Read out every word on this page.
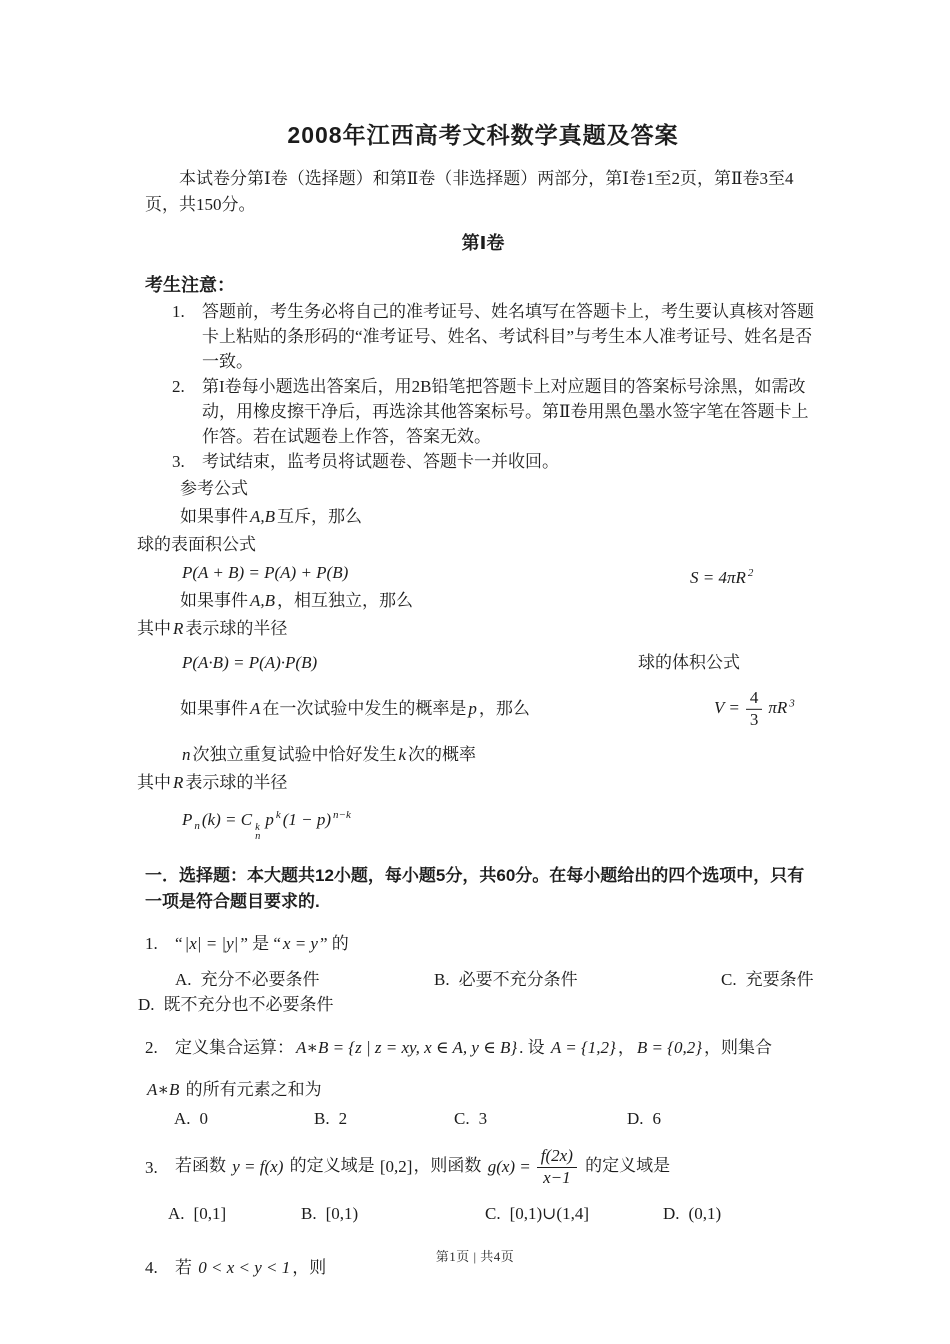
2008年江西高考文科数学真题及答案

本试卷分第Ⅰ卷（选择题）和第Ⅱ卷（非选择题）两部分，第Ⅰ卷1至2页，第Ⅱ卷3至4页，共150分。

第Ⅰ卷
考生注意：
1.	答题前，考生务必将自己的准考证号、姓名填写在答题卡上，考生要认真核对答题卡上粘贴的条形码的“准考证号、姓名、考试科目”与考生本人准考证号、姓名是否一致。
2.	第I卷每小题选出答案后，用2B铅笔把答题卡上对应题目的答案标号涂黑，如需改动，用橡皮擦干净后，再选涂其他答案标号。第Ⅱ卷用黑色墨水签字笔在答题卡上作答。若在试题卷上作答，答案无效。
3.	考试结束，监考员将试题卷、答题卡一并收回。
参考公式
如果事件 A,B 互斥，那么
球的表面积公式
P(A + B) = P(A) + P(B)	S = 4πR $^2$
如果事件 A,B ，相互独立，那么
其中 R 表示球的半径
P(A·B) = P(A)·P(B)	球的体积公式
如果事件 A 在一次试验中发生的概率是 p ，那么	$V = \frac{4}{3}$ πR $^3$
n 次独立重复试验中恰好发生 k 次的概率
其中 R 表示球的半径
P $_n$ (k) = C k
n
p $^k$ (1 − p) $^{n-k}$
一．选择题：本大题共12小题，每小题5分，共60分。在每小题给出的四个选项中，只有一项是符合题目要求的.
1. “ |x| = |y| ” 是 “ x = y ” 的
A. 充分不必要条件	B. 必要不充分条件	C. 充要条件
D. 既不充分也不必要条件
2. 定义集合运算： A∗B = {z | z = xy, x ∈ A, y ∈ B} . 设 A = {1,2} ， B = {0,2} ，则集合
A∗B 的所有元素之和为
A. 0	B. 2	C. 3	D. 6
3.	若函数 y = f(x) 的定义域是 [0,2]，则函数 $g(x) = \frac{f(2x)}{x-1}$ 的定义域是
A. [0,1]	B. [0,1)	C. [0,1)∪(1,4]	D. (0,1)
4. 若 0 < x < y < 1 ，则
第1页 | 共4页
